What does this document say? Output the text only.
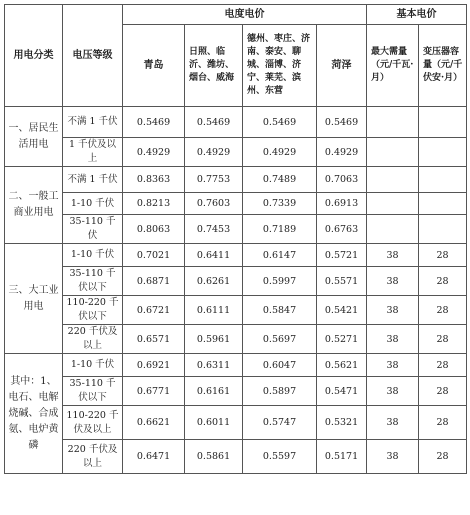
用电分类	电压等级	电度电价				基本电价	
		青岛	日照、临沂、潍坊、烟台、威海	德州、枣庄、济南、泰安、聊城、淄博、济宁、莱芜、滨州、东营	菏泽	最大需量（元/千瓦·月）	变压器容量（元/千伏安·月）
一、居民生活用电	不满 1 千伏	0.5469	0.5469	0.5469	0.5469		
	1 千伏及以上	0.4929	0.4929	0.4929	0.4929		
二、一般工商业用电	不满 1 千伏	0.8363	0.7753	0.7489	0.7063		
	1-10 千伏	0.8213	0.7603	0.7339	0.6913		
	35-110 千伏	0.8063	0.7453	0.7189	0.6763		
三、大工业用电	1-10 千伏	0.7021	0.6411	0.6147	0.5721	38	28
	35-110 千伏以下	0.6871	0.6261	0.5997	0.5571	38	28
	110-220 千伏以下	0.6721	0.6111	0.5847	0.5421	38	28
	220 千伏及以上	0.6571	0.5961	0.5697	0.5271	38	28
其中：1、电石、电解烧碱、合成氨、电炉黄磷	1-10 千伏	0.6921	0.6311	0.6047	0.5621	38	28
	35-110 千伏以下	0.6771	0.6161	0.5897	0.5471	38	28
	110-220 千伏及以上	0.6621	0.6011	0.5747	0.5321	38	28
	220 千伏及以上	0.6471	0.5861	0.5597	0.5171	38	28
